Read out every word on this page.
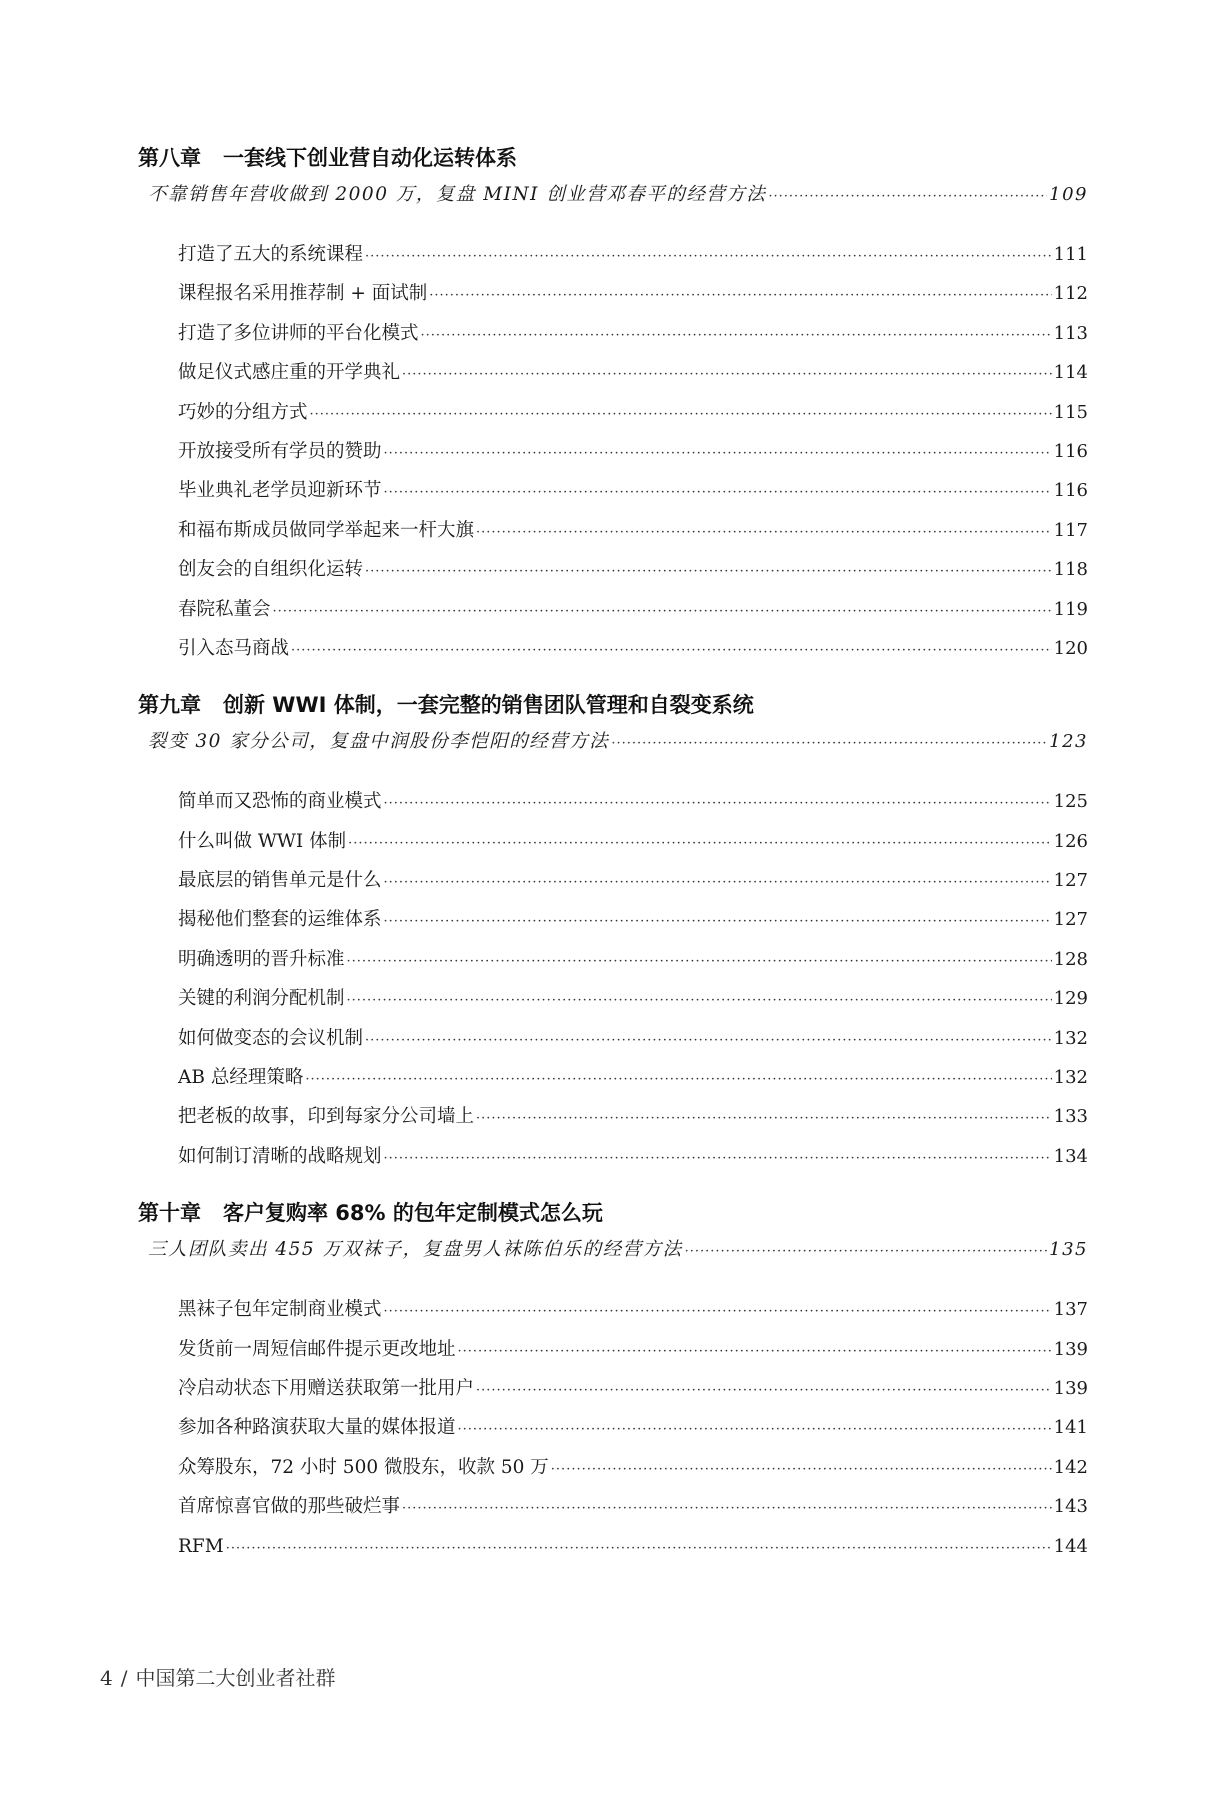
第八章 一套线下创业营自动化运转体系
不靠销售年营收做到 2000 万，复盘 MINI 创业营邓春平的经营方法 ·····	109
打造了五大的系统课程 ·····	111
课程报名采用推荐制 + 面试制 ·····	112
打造了多位讲师的平台化模式 ·····	113
做足仪式感庄重的开学典礼 ·····	114
巧妙的分组方式 ·····	115
开放接受所有学员的赞助 ·····	116
毕业典礼老学员迎新环节 ·····	116
和福布斯成员做同学举起来一杆大旗 ·····	117
创友会的自组织化运转 ·····	118
春院私董会 ·····	119
引入态马商战 ·····	120
第九章 创新 WWI 体制，一套完整的销售团队管理和自裂变系统
裂变 30 家分公司，复盘中润股份李恺阳的经营方法 ·····	123
简单而又恐怖的商业模式 ·····	125
什么叫做 WWI 体制 ·····	126
最底层的销售单元是什么 ·····	127
揭秘他们整套的运维体系 ·····	127
明确透明的晋升标准 ·····	128
关键的利润分配机制 ·····	129
如何做变态的会议机制 ·····	132
AB 总经理策略 ·····	132
把老板的故事，印到每家分公司墙上 ·····	133
如何制订清晰的战略规划 ·····	134
第十章 客户复购率 68% 的包年定制模式怎么玩
三人团队卖出 455 万双袜子，复盘男人袜陈伯乐的经营方法 ·····	135
黑袜子包年定制商业模式 ·····	137
发货前一周短信邮件提示更改地址 ·····	139
冷启动状态下用赠送获取第一批用户 ·····	139
参加各种路演获取大量的媒体报道 ·····	141
众筹股东，72 小时 500 微股东，收款 50 万 ·····	142
首席惊喜官做的那些破烂事 ·····	143
RFM ·····	144
4 / 中国第二大创业者社群
